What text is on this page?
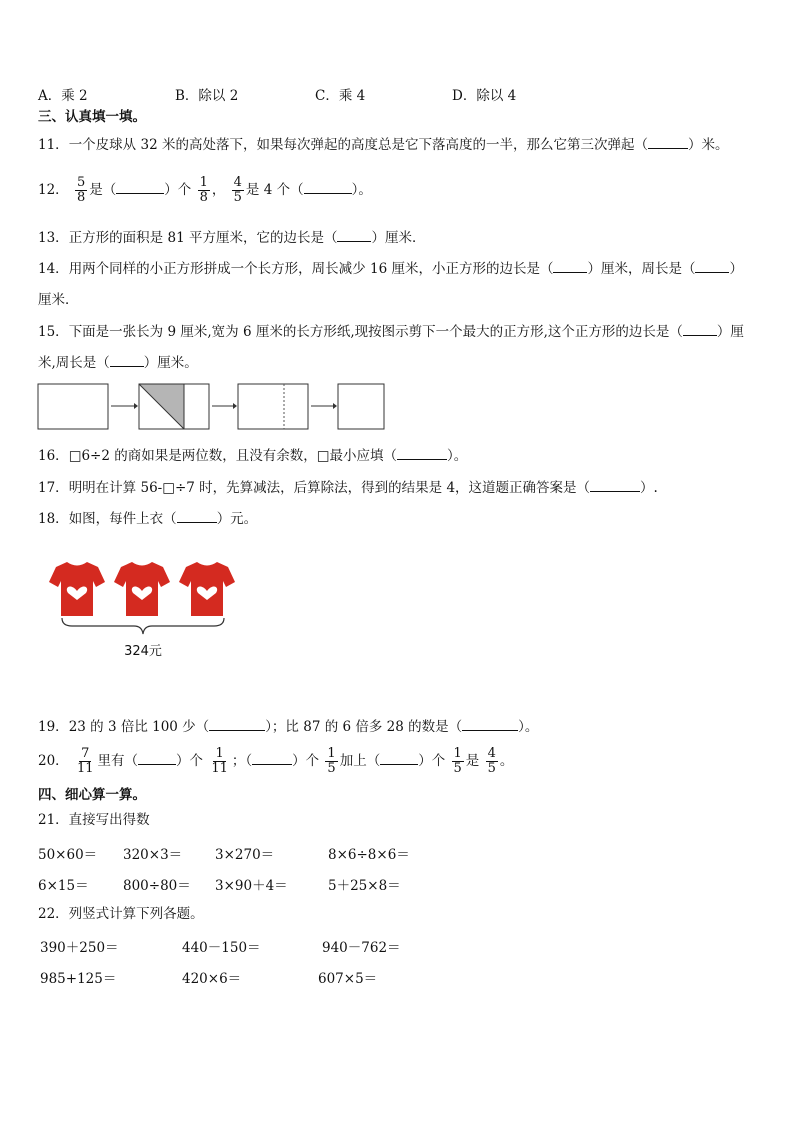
A．乘 2	B．除以 2	C．乘 4	D．除以 4
三、认真填一填。
11．一个皮球从 32 米的高处落下，如果每次弹起的高度总是它下落高度的一半，那么它第三次弹起（	）米。
12． $\frac{5}{8}$ 是（	）个 $\frac{1}{8}$ ， $\frac{4}{5}$ 是 4 个（	）。
13．正方形的面积是 81 平方厘米，它的边长是（	）厘米．
14．用两个同样的小正方形拼成一个长方形，周长减少 16 厘米，小正方形的边长是（	）厘米，周长是（	）
厘米．
15．下面是一张长为 9 厘米,宽为 6 厘米的长方形纸,现按图示剪下一个最大的正方形,这个正方形的边长是（	）厘
米,周长是（	）厘米。
16．□6÷2 的商如果是两位数，且没有余数，□最小应填（	）。
17．明明在计算 56-□÷7 时，先算减法，后算除法，得到的结果是 4，这道题正确答案是（	）.
18．如图，每件上衣（	）元。
324元
19．23 的 3 倍比 100 少（	）；比 87 的 6 倍多 28 的数是（	）。
20． $\frac{7}{11}$ 里有（	）个 $\frac{1}{11}$ ；（	）个 $\frac{1}{5}$ 加上（	）个 $\frac{1}{5}$ 是 $\frac{4}{5}$ 。
四、细心算一算。
21．直接写出得数
50×60＝ 320×3＝ 3×270＝	8×6÷8×6＝
6×15＝	800÷80＝ 3×90＋4＝	5＋25×8＝
22．列竖式计算下列各题。
390＋250＝	440－150＝	940－762＝
985+125＝	420×6＝	607×5＝
